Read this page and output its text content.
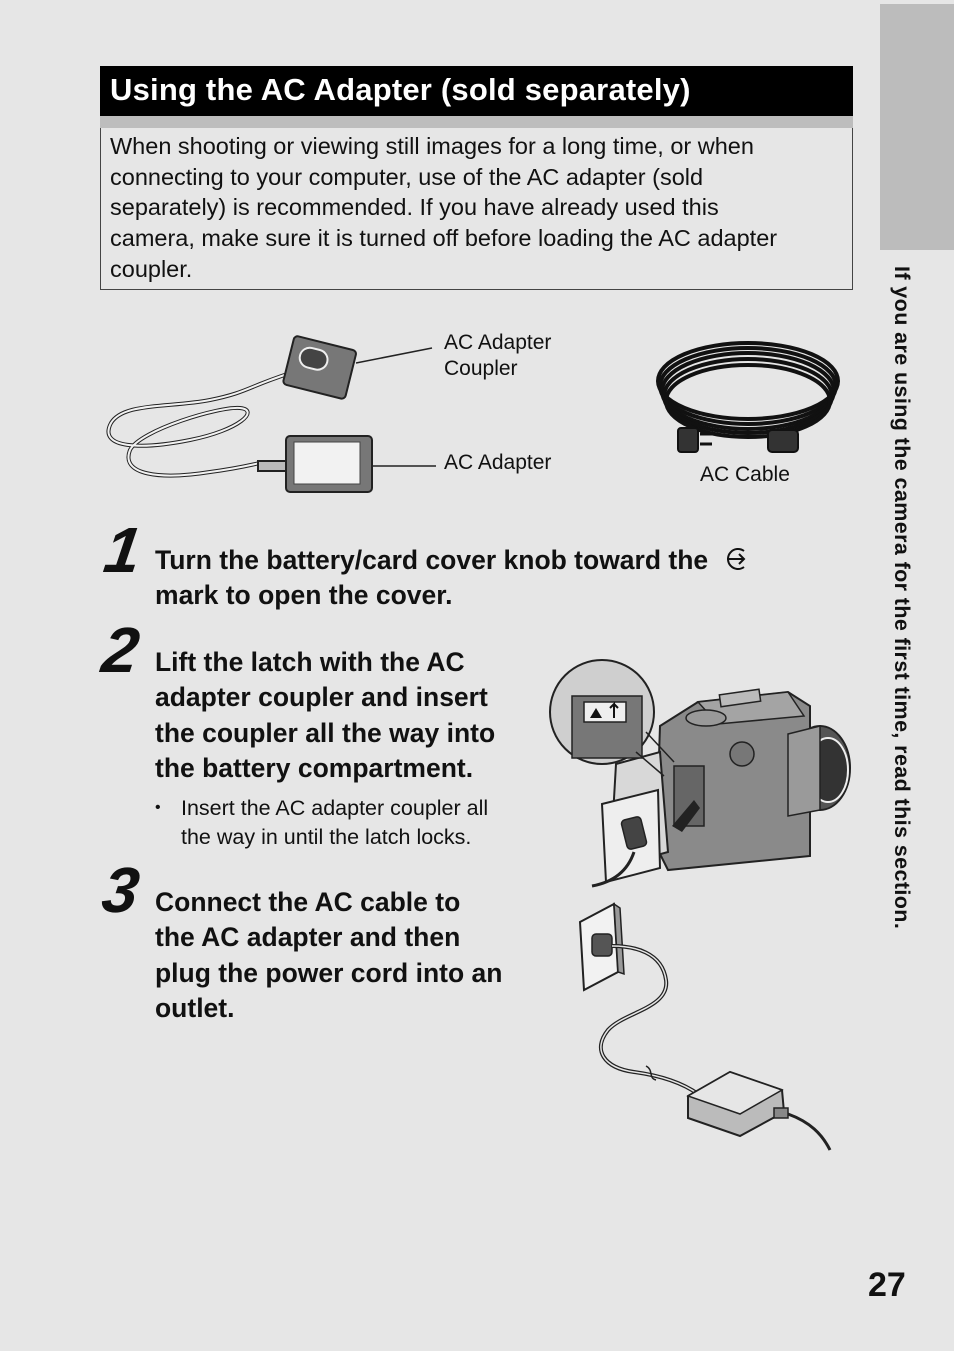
If you are using the camera for the first time, read this section.
Using the AC Adapter (sold separately)
When shooting or viewing still images for a long time, or when
connecting to your computer, use of the AC adapter (sold
separately) is recommended. If you have already used this
camera, make sure it is turned off before loading the AC adapter
coupler.
AC Adapter
Coupler
AC Adapter
AC Cable
1 Turn the battery/card cover knob toward the
mark to open the cover.
2 Lift the latch with the AC
adapter coupler and insert
the coupler all the way into
the battery compartment.
• Insert the AC adapter coupler all
the way in until the latch locks.
3 Connect the AC cable to
the AC adapter and then
plug the power cord into an
outlet.
27
